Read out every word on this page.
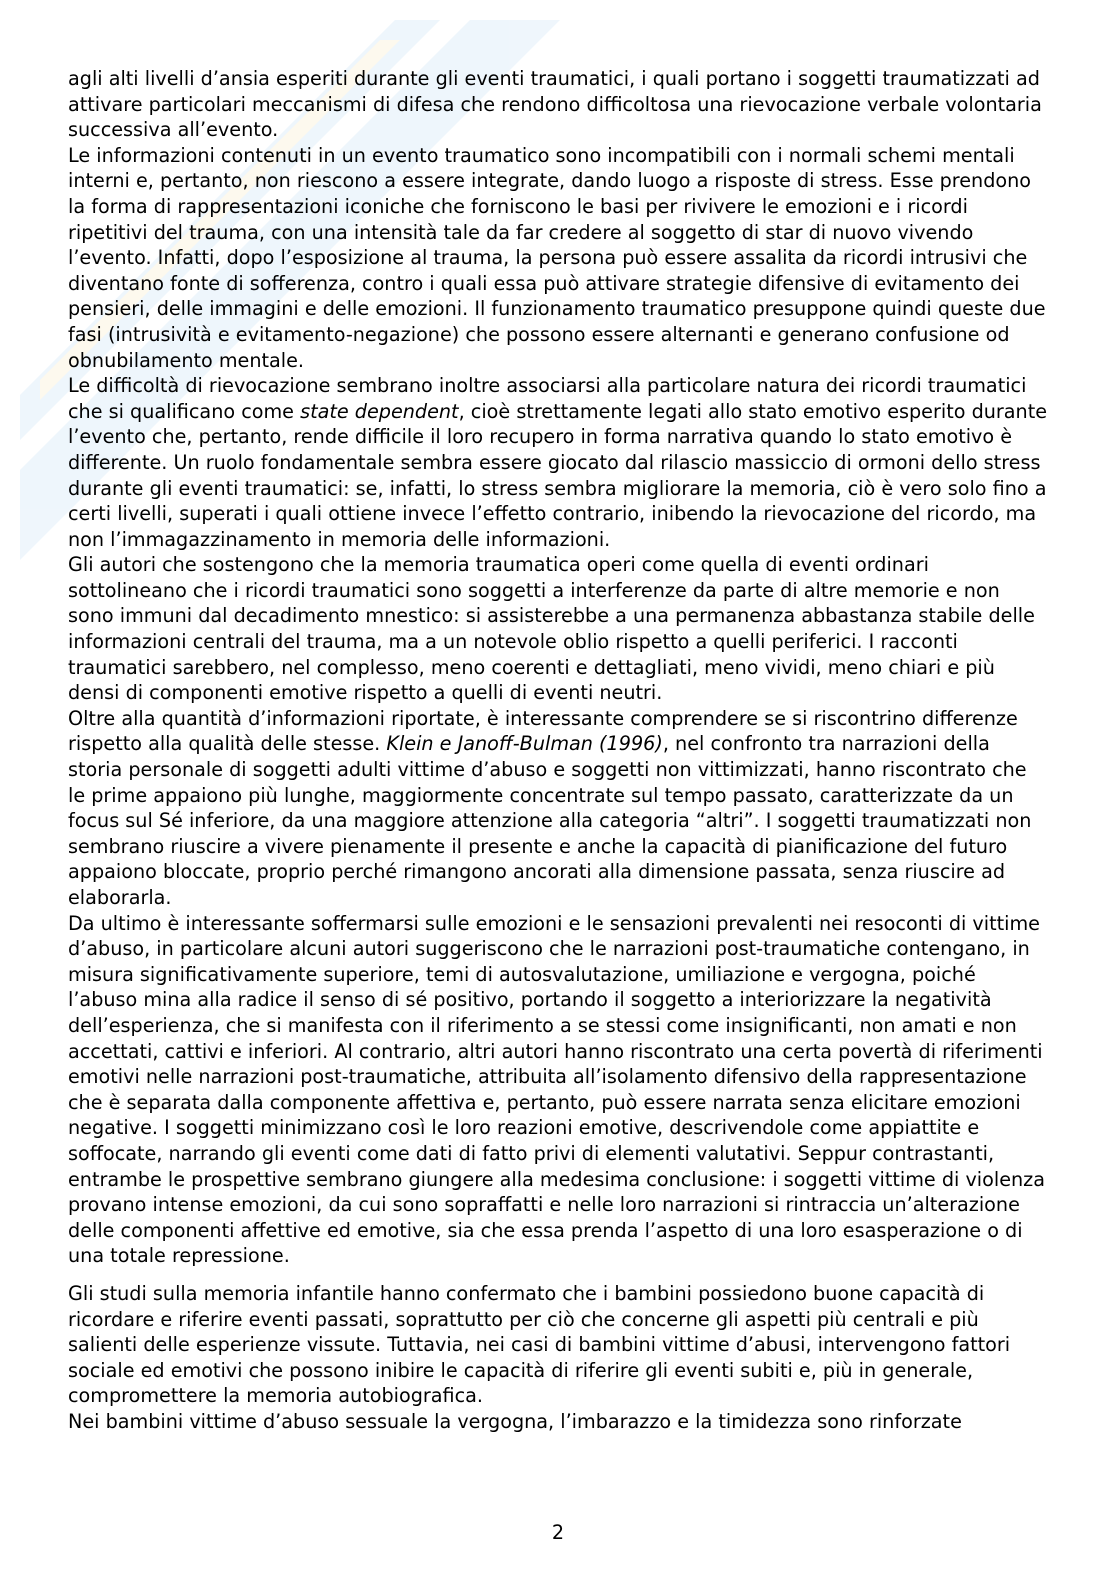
agli alti livelli d’ansia esperiti durante gli eventi traumatici, i quali portano i soggetti traumatizzati ad attivare particolari meccanismi di difesa che rendono difficoltosa una rievocazione verbale volontaria successiva all’evento.

Le informazioni contenuti in un evento traumatico sono incompatibili con i normali schemi mentali interni e, pertanto, non riescono a essere integrate, dando luogo a risposte di stress. Esse prendono la forma di rappresentazioni iconiche che forniscono le basi per rivivere le emozioni e i ricordi ripetitivi del trauma, con una intensità tale da far credere al soggetto di star di nuovo vivendo l’evento. Infatti, dopo l’esposizione al trauma, la persona può essere assalita da ricordi intrusivi che diventano fonte di sofferenza, contro i quali essa può attivare strategie difensive di evitamento dei pensieri, delle immagini e delle emozioni. Il funzionamento traumatico presuppone quindi queste due fasi (intrusività e evitamento-negazione) che possono essere alternanti e generano confusione od obnubilamento mentale.

Le difficoltà di rievocazione sembrano inoltre associarsi alla particolare natura dei ricordi traumatici che si qualificano come state dependent, cioè strettamente legati allo stato emotivo esperito durante l’evento che, pertanto, rende difficile il loro recupero in forma narrativa quando lo stato emotivo è differente. Un ruolo fondamentale sembra essere giocato dal rilascio massiccio di ormoni dello stress durante gli eventi traumatici: se, infatti, lo stress sembra migliorare la memoria, ciò è vero solo fino a certi livelli, superati i quali ottiene invece l’effetto contrario, inibendo la rievocazione del ricordo, ma non l’immagazzinamento in memoria delle informazioni.

Gli autori che sostengono che la memoria traumatica operi come quella di eventi ordinari sottolineano che i ricordi traumatici sono soggetti a interferenze da parte di altre memorie e non sono immuni dal decadimento mnestico: si assisterebbe a una permanenza abbastanza stabile delle informazioni centrali del trauma, ma a un notevole oblio rispetto a quelli periferici. I racconti traumatici sarebbero, nel complesso, meno coerenti e dettagliati, meno vividi, meno chiari e più densi di componenti emotive rispetto a quelli di eventi neutri.

Oltre alla quantità d’informazioni riportate, è interessante comprendere se si riscontrino differenze rispetto alla qualità delle stesse. Klein e Janoff-Bulman (1996), nel confronto tra narrazioni della storia personale di soggetti adulti vittime d’abuso e soggetti non vittimizzati, hanno riscontrato che le prime appaiono più lunghe, maggiormente concentrate sul tempo passato, caratterizzate da un focus sul Sé inferiore, da una maggiore attenzione alla categoria “altri”. I soggetti traumatizzati non sembrano riuscire a vivere pienamente il presente e anche la capacità di pianificazione del futuro appaiono bloccate, proprio perché rimangono ancorati alla dimensione passata, senza riuscire ad elaborarla.

Da ultimo è interessante soffermarsi sulle emozioni e le sensazioni prevalenti nei resoconti di vittime d’abuso, in particolare alcuni autori suggeriscono che le narrazioni post-traumatiche contengano, in misura significativamente superiore, temi di autosvalutazione, umiliazione e vergogna, poiché l’abuso mina alla radice il senso di sé positivo, portando il soggetto a interiorizzare la negatività dell’esperienza, che si manifesta con il riferimento a se stessi come insignificanti, non amati e non accettati, cattivi e inferiori. Al contrario, altri autori hanno riscontrato una certa povertà di riferimenti emotivi nelle narrazioni post-traumatiche, attribuita all’isolamento difensivo della rappresentazione che è separata dalla componente affettiva e, pertanto, può essere narrata senza elicitare emozioni negative. I soggetti minimizzano così le loro reazioni emotive, descrivendole come appiattite e soffocate, narrando gli eventi come dati di fatto privi di elementi valutativi. Seppur contrastanti, entrambe le prospettive sembrano giungere alla medesima conclusione: i soggetti vittime di violenza provano intense emozioni, da cui sono sopraffatti e nelle loro narrazioni si rintraccia un’alterazione delle componenti affettive ed emotive, sia che essa prenda l’aspetto di una loro esasperazione o di una totale repressione.

Gli studi sulla memoria infantile hanno confermato che i bambini possiedono buone capacità di ricordare e riferire eventi passati, soprattutto per ciò che concerne gli aspetti più centrali e più salienti delle esperienze vissute. Tuttavia, nei casi di bambini vittime d’abusi, intervengono fattori sociale ed emotivi che possono inibire le capacità di riferire gli eventi subiti e, più in generale, compromettere la memoria autobiografica.

Nei bambini vittime d’abuso sessuale la vergogna, l’imbarazzo e la timidezza sono rinforzate

2
